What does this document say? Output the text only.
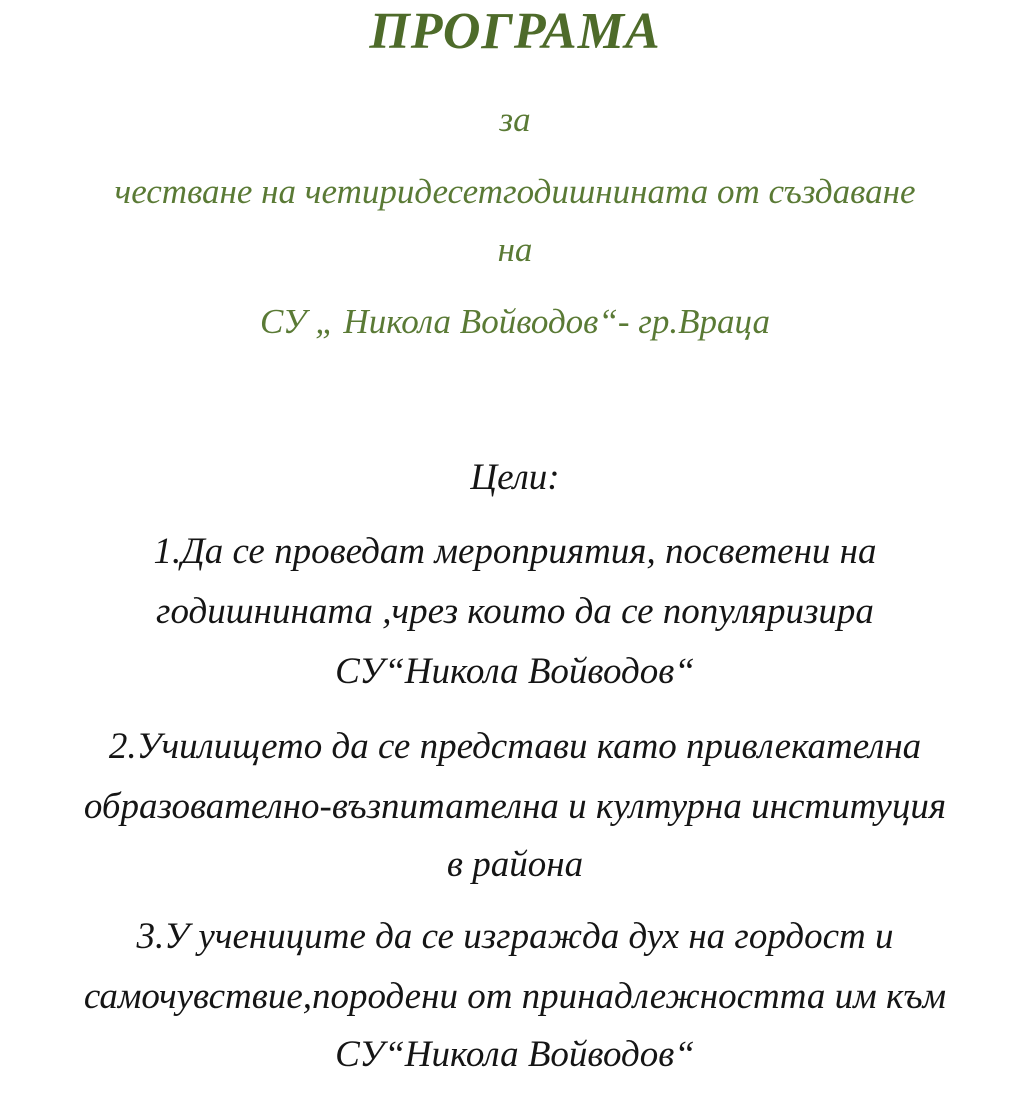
ПРОГРАМА

за

честване на четиридесетгодишнината от създаване

на

СУ „ Никола Войводов“- гр.Враца

Цели:

1.Да се проведат мероприятия, посветени на

годишнината ,чрез които да се популяризира

СУ“Никола Войводов“

2.Училището да се представи като привлекателна

образователно-възпитателна и културна институция

в района

3.У учениците да се изгражда дух на гордост и

самочувствие,породени от принадлежността им към

СУ“Никола Войводов“
